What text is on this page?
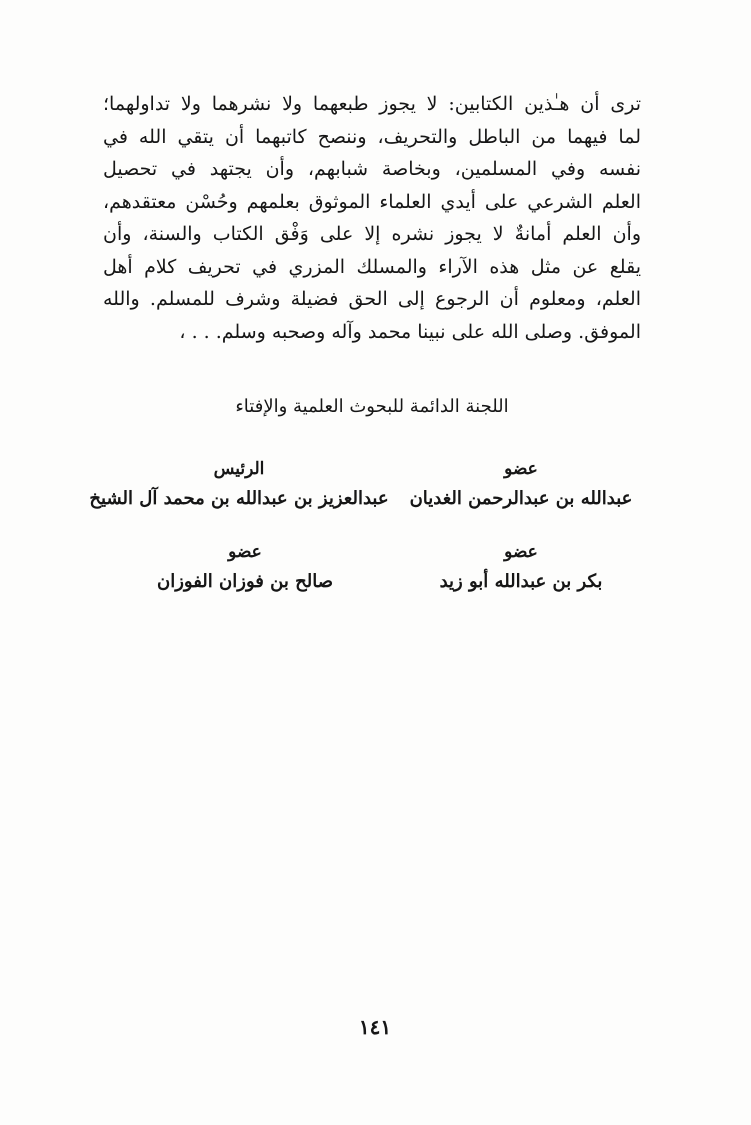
ترى أن هـٰذين الكتابين: لا يجوز طبعهما ولا نشرهما ولا تداولهما؛
لما فيهما من الباطل والتحريف، وننصح كاتبهما أن يتقي الله في
نفسه وفي المسلمين، وبخاصة شبابهم، وأن يجتهد في تحصيل
العلم الشرعي على أيدي العلماء الموثوق بعلمهم وحُسْن معتقدهم،
وأن العلم أمانةٌ لا يجوز نشره إلا على وَفْق الكتاب والسنة، وأن
يقلع عن مثل هذه الآراء والمسلك المزري في تحريف كلام أهل
العلم، ومعلوم أن الرجوع إلى الحق فضيلة وشرف للمسلم. والله
الموفق. وصلى الله على نبينا محمد وآله وصحبه وسلم. . . ،
اللجنة الدائمة للبحوث العلمية والإفتاء
عضو
عبدالله بن عبدالرحمن الغديان
الرئيس
عبدالعزيز بن عبدالله بن محمد آل الشيخ
عضو
بكر بن عبدالله أبو زيد
عضو
صالح بن فوزان الفوزان
١٤١
